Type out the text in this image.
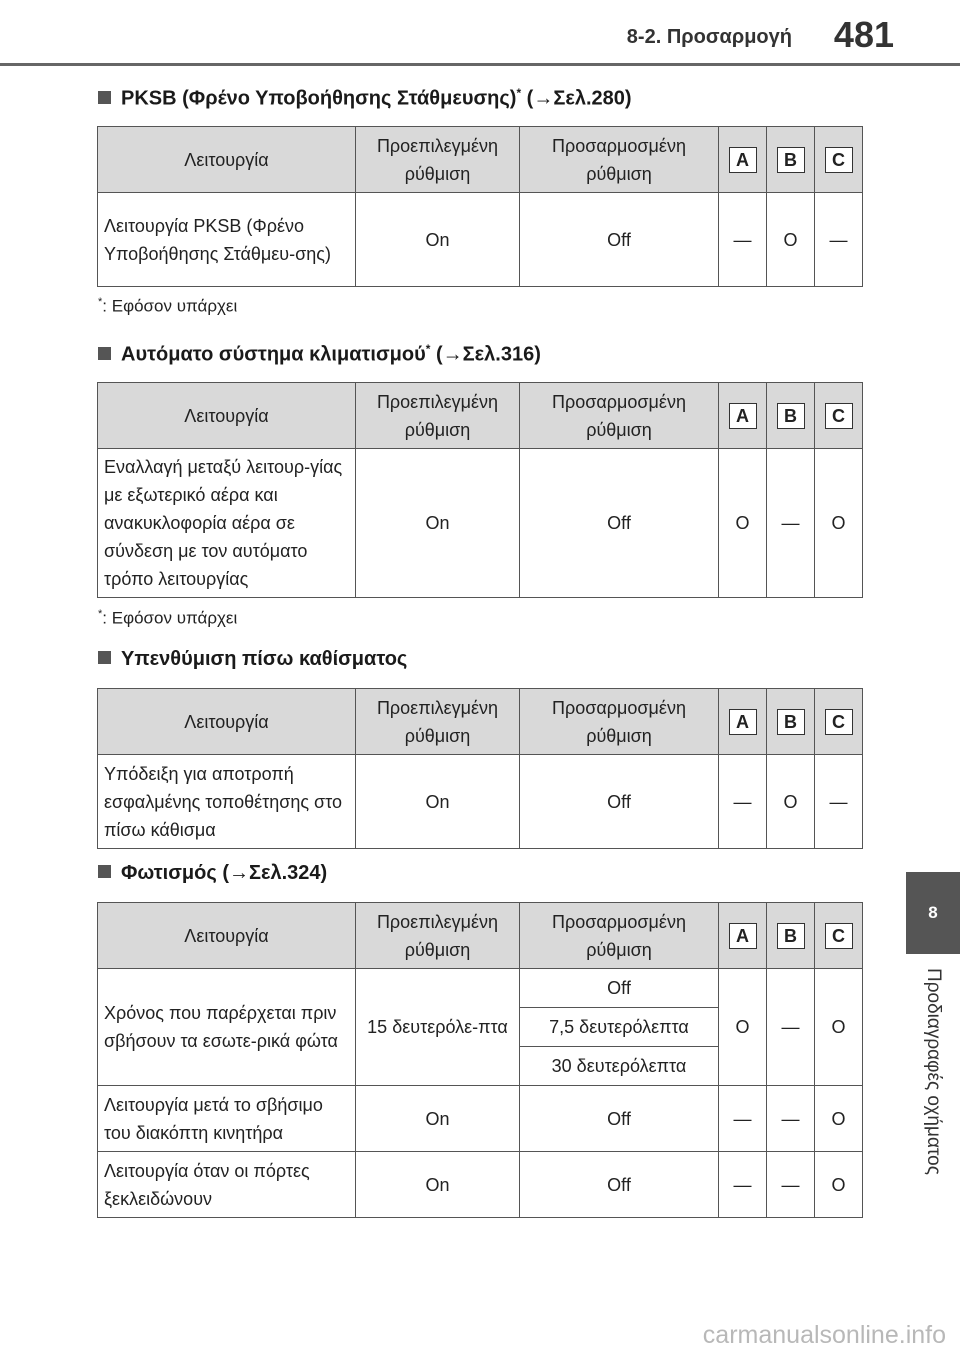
8-2. Προσαρμογή 481
8
Προδιαγραφές οχήματος
PKSB (Φρένο Υποβοήθησης Στάθμευσης)* (→Σελ.280)
Λειτουργία	Προεπιλεγμένη ρύθμιση	Προσαρμοσμένη ρύθμιση	A	B	C
Λειτουργία PKSB (Φρένο Υποβοήθησης Στάθμευ-σης)	On	Off	—	O	—
*: Εφόσον υπάρχει
Αυτόματο σύστημα κλιματισμού* (→Σελ.316)
Λειτουργία	Προεπιλεγμένη ρύθμιση	Προσαρμοσμένη ρύθμιση	A	B	C
Εναλλαγή μεταξύ λειτουρ-γίας με εξωτερικό αέρα και ανακυκλοφορία αέρα σε σύνδεση με τον αυτόματο τρόπο λειτουργίας	On	Off	O	—	O
*: Εφόσον υπάρχει
Υπενθύμιση πίσω καθίσματος
Λειτουργία	Προεπιλεγμένη ρύθμιση	Προσαρμοσμένη ρύθμιση	A	B	C
Υπόδειξη για αποτροπή εσφαλμένης τοποθέτησης στο πίσω κάθισμα	On	Off	—	O	—
Φωτισμός (→Σελ.324)
Λειτουργία	Προεπιλεγμένη ρύθμιση	Προσαρμοσμένη ρύθμιση	A	B	C
Χρόνος που παρέρχεται πριν σβήσουν τα εσωτε-ρικά φώτα	15 δευτερόλε-πτα	Off	O	—	O
		7,5 δευτερόλεπτα			
		30 δευτερόλεπτα			
Λειτουργία μετά το σβήσιμο του διακόπτη κινητήρα	On	Off	—	—	O
Λειτουργία όταν οι πόρτες ξεκλειδώνουν	On	Off	—	—	O
carmanualsonline.info
